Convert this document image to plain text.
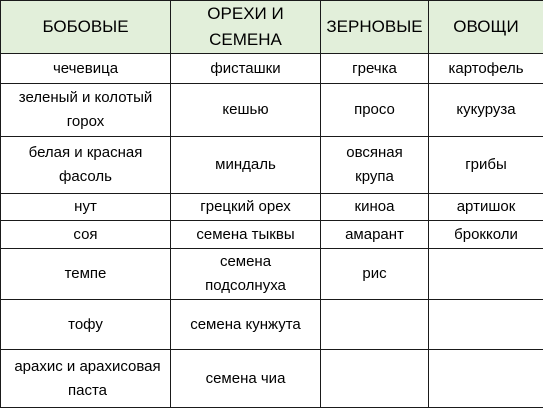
БОБОВЫЕ	ОРЕХИ И СЕМЕНА	ЗЕРНОВЫЕ	ОВОЩИ
чечевица	фисташки	гречка	картофель
зеленый и колотый горох	кешью	просо	кукуруза
белая и красная фасоль	миндаль	овсяная крупа	грибы
нут	грецкий орех	киноа	артишок
соя	семена тыквы	амарант	брокколи
темпе	семена подсолнуха	рис	
тофу	семена кунжута		
арахис и арахисовая паста	семена чиа		
